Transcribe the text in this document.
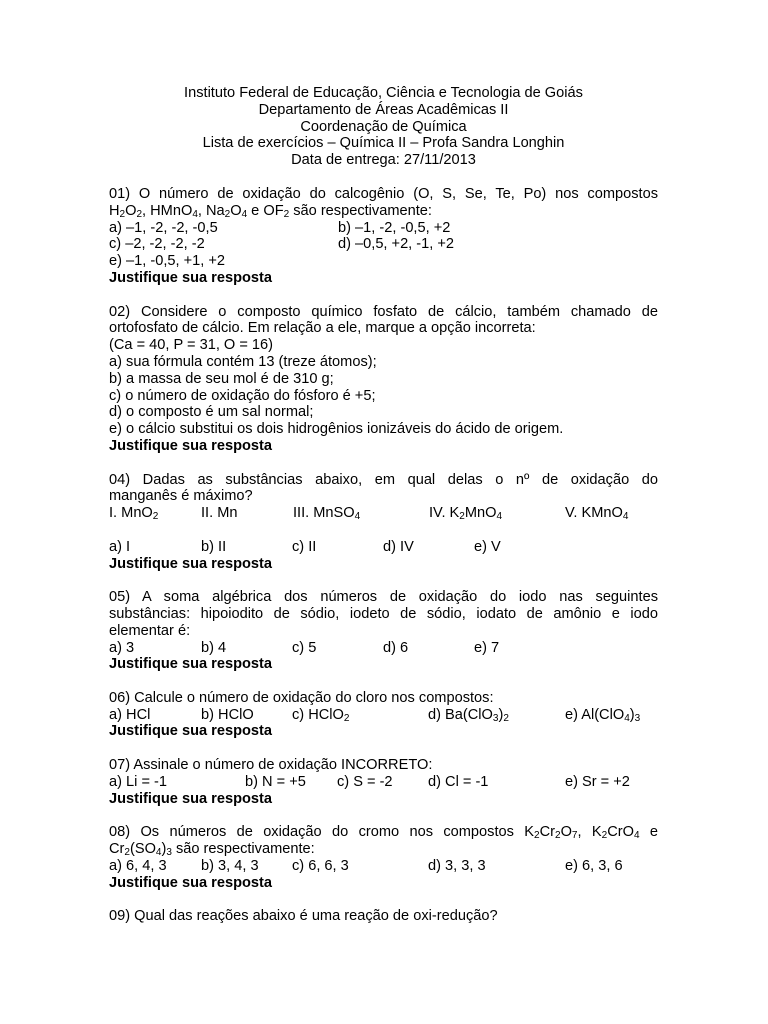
Instituto Federal de Educação, Ciência e Tecnologia de Goiás
Departamento de Áreas Acadêmicas II
Coordenação de Química
Lista de exercícios – Química II – Profa Sandra Longhin
Data de entrega: 27/11/2013
01) O número de oxidação do calcogênio (O, S, Se, Te, Po) nos compostos
$H_2O_2$, HMnO$_4$, $Na_2O_4$ e $OF_2$ são respectivamente:
a) –1, -2, -2, -0,5	b) –1, -2, -0,5, +2
c) –2, -2, -2, -2	d) –0,5, +2, -1, +2
e) –1, -0,5, +1, +2
Justifique sua resposta
02) Considere o composto químico fosfato de cálcio, também chamado de
ortofosfato de cálcio. Em relação a ele, marque a opção incorreta:
(Ca = 40, P = 31, O = 16)
a) sua fórmula contém 13 (treze átomos);
b) a massa de seu mol é de 310 g;
c) o número de oxidação do fósforo é +5;
d) o composto é um sal normal;
e) o cálcio substitui os dois hidrogênios ionizáveis do ácido de origem.
Justifique sua resposta
04) Dadas as substâncias abaixo, em qual delas o nº de oxidação do
manganês é máximo?
I. MnO$_2$	II. Mn	III. MnSO$_4$	IV. $K_2MnO_4$	V. KMnO$_4$
a) I	b) II	c) II	d) IV	e) V
Justifique sua resposta
05) A soma algébrica dos números de oxidação do iodo nas seguintes
substâncias: hipoiodito de sódio, iodeto de sódio, iodato de amônio e iodo
elementar é:
a) 3	b) 4	c) 5	d) 6	e) 7
Justifique sua resposta
06) Calcule o número de oxidação do cloro nos compostos:
a) HCl	b) HClO	c) HClO$_2$	d) $Ba(ClO_3)_2$	e) $Al(ClO_4)_3$
Justifique sua resposta
07) Assinale o número de oxidação INCORRETO:
a) Li = -1	b) N = +5	c) S = -2	d) Cl = -1	e) Sr = +2
Justifique sua resposta
08) Os números de oxidação do cromo nos compostos $K_2Cr_2O_7$, $K_2CrO_4$ e
$Cr_2(SO_4)_3$ são respectivamente:
a) 6, 4, 3	b) 3, 4, 3	c) 6, 6, 3	d) 3, 3, 3	e) 6, 3, 6
Justifique sua resposta
09) Qual das reações abaixo é uma reação de oxi-redução?
